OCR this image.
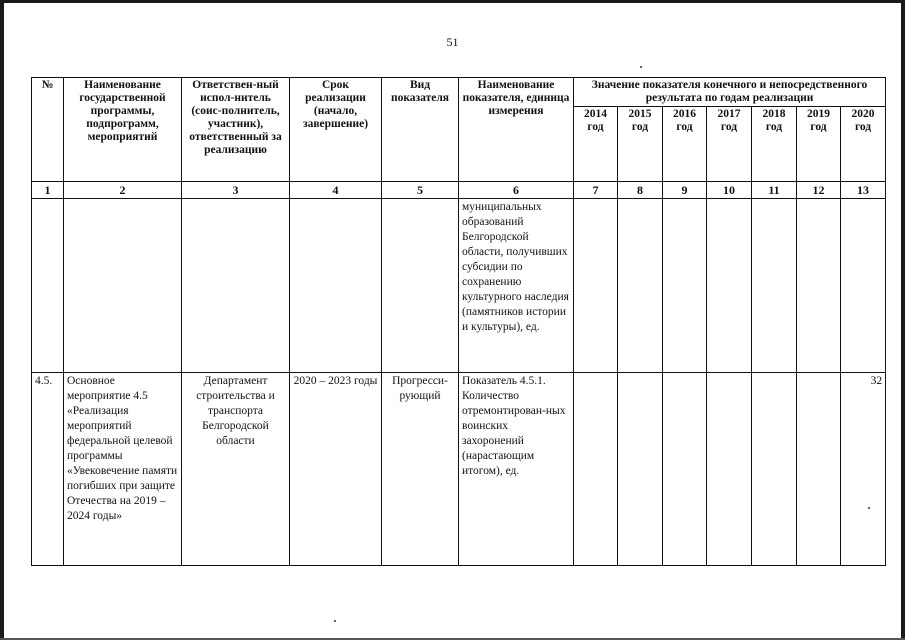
51
№	Наименование государственной программы, подпрограмм, мероприятий	Ответствен-ный испол-нитель (соис-полнитель, участник), ответственный за реализацию	Срок реализации (начало, завершение)	Вид показателя	Наименование показателя, единица измерения	Значение показателя конечного и непосредственного результата по годам реализации						
						2014 год	2015 год	2016 год	2017 год	2018 год	2019 год	2020 год
1	2	3	4	5	6	7	8	9	10	11	12	13
					муниципальных образований Белгородской области, получивших субсидии по сохранению культурного наследия (памятников истории и культуры), ед.							
4.5.	Основное мероприятие 4.5 «Реализация мероприятий федеральной целевой программы «Увековечение памяти погибших при защите Отечества на 2019 – 2024 годы»	Департамент строительства и транспорта Белгородской области	2020 – 2023 годы	Прогресси-рующий	Показатель 4.5.1. Количество отремонтирован-ных воинских захоронений (нарастающим итогом), ед.							32
